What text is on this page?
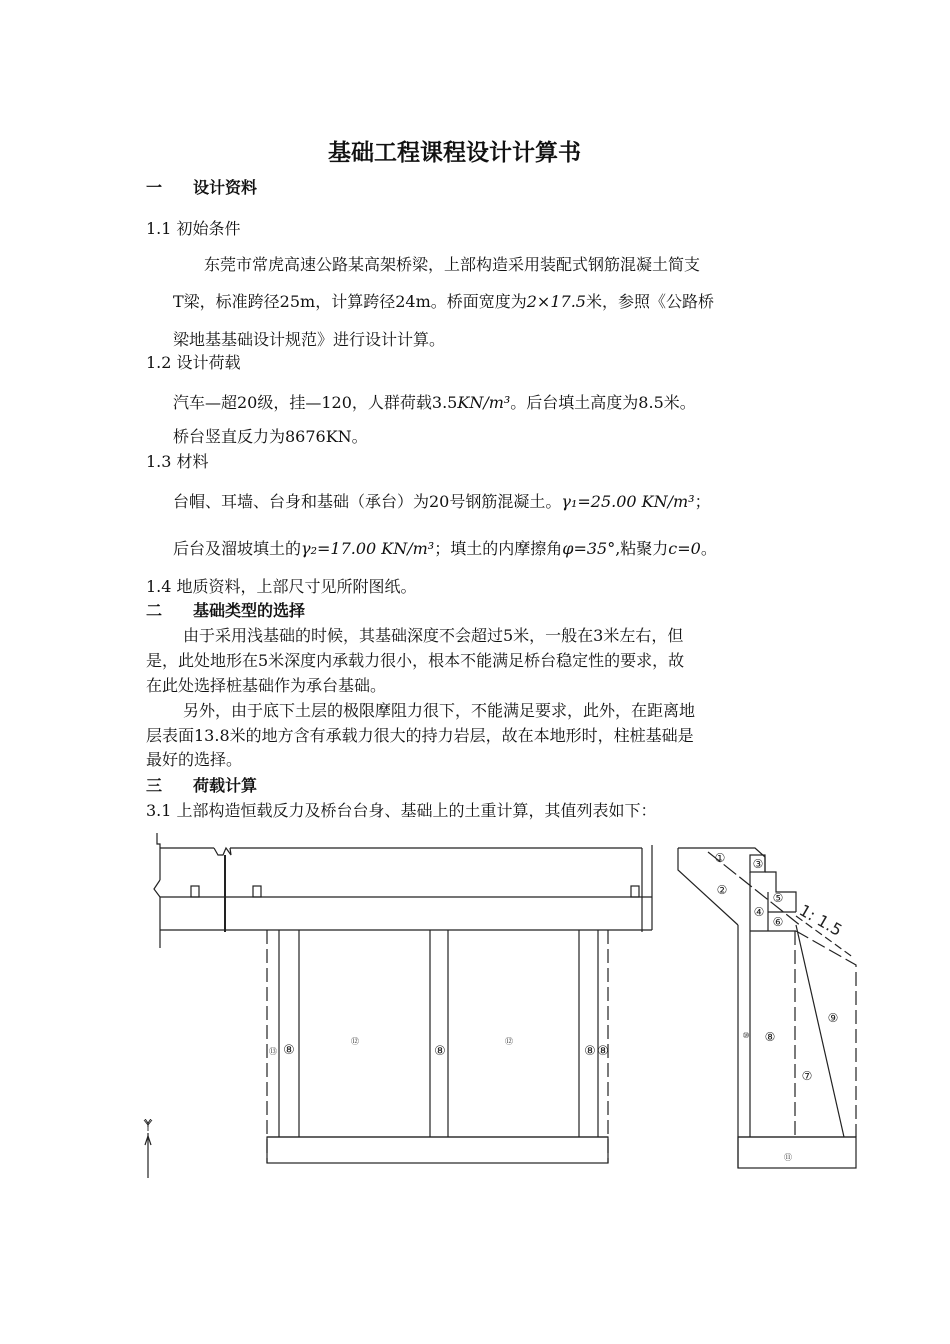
基础工程课程设计计算书
一 设计资料
1.1 初始条件
东莞市常虎高速公路某高架桥梁，上部构造采用装配式钢筋混凝土简支
T梁，标准跨径25m，计算跨径24m。桥面宽度为2×17.5米，参照《公路桥
梁地基基础设计规范》进行设计计算。
1.2 设计荷载
汽车—超20级，挂—120，人群荷载3.5KN/m³。后台填土高度为8.5米。
桥台竖直反力为8676KN。
1.3 材料
台帽、耳墙、台身和基础（承台）为20号钢筋混凝土。γ₁=25.00 KN/m³；
后台及溜坡填土的γ₂=17.00 KN/m³；填土的内摩擦角φ=35°,粘聚力c=0。
1.4 地质资料，上部尺寸见所附图纸。
二 基础类型的选择
由于采用浅基础的时候，其基础深度不会超过5米，一般在3米左右，但
是，此处地形在5米深度内承载力很小，根本不能满足桥台稳定性的要求，故
在此处选择桩基础作为承台基础。
另外，由于底下土层的极限摩阻力很下，不能满足要求，此外，在距离地
层表面13.8米的地方含有承载力很大的持力岩层，故在本地形时，柱桩基础是
最好的选择。
三 荷载计算
3.1 上部构造恒载反力及桥台台身、基础上的土重计算，其值列表如下：
⑬ ⑧
⑫
⑧
⑫
⑧ ⑧
Y
① ③
②
⑤
④
⑥
⑩ ⑧
⑨
⑦
⑪
1: 1.5
